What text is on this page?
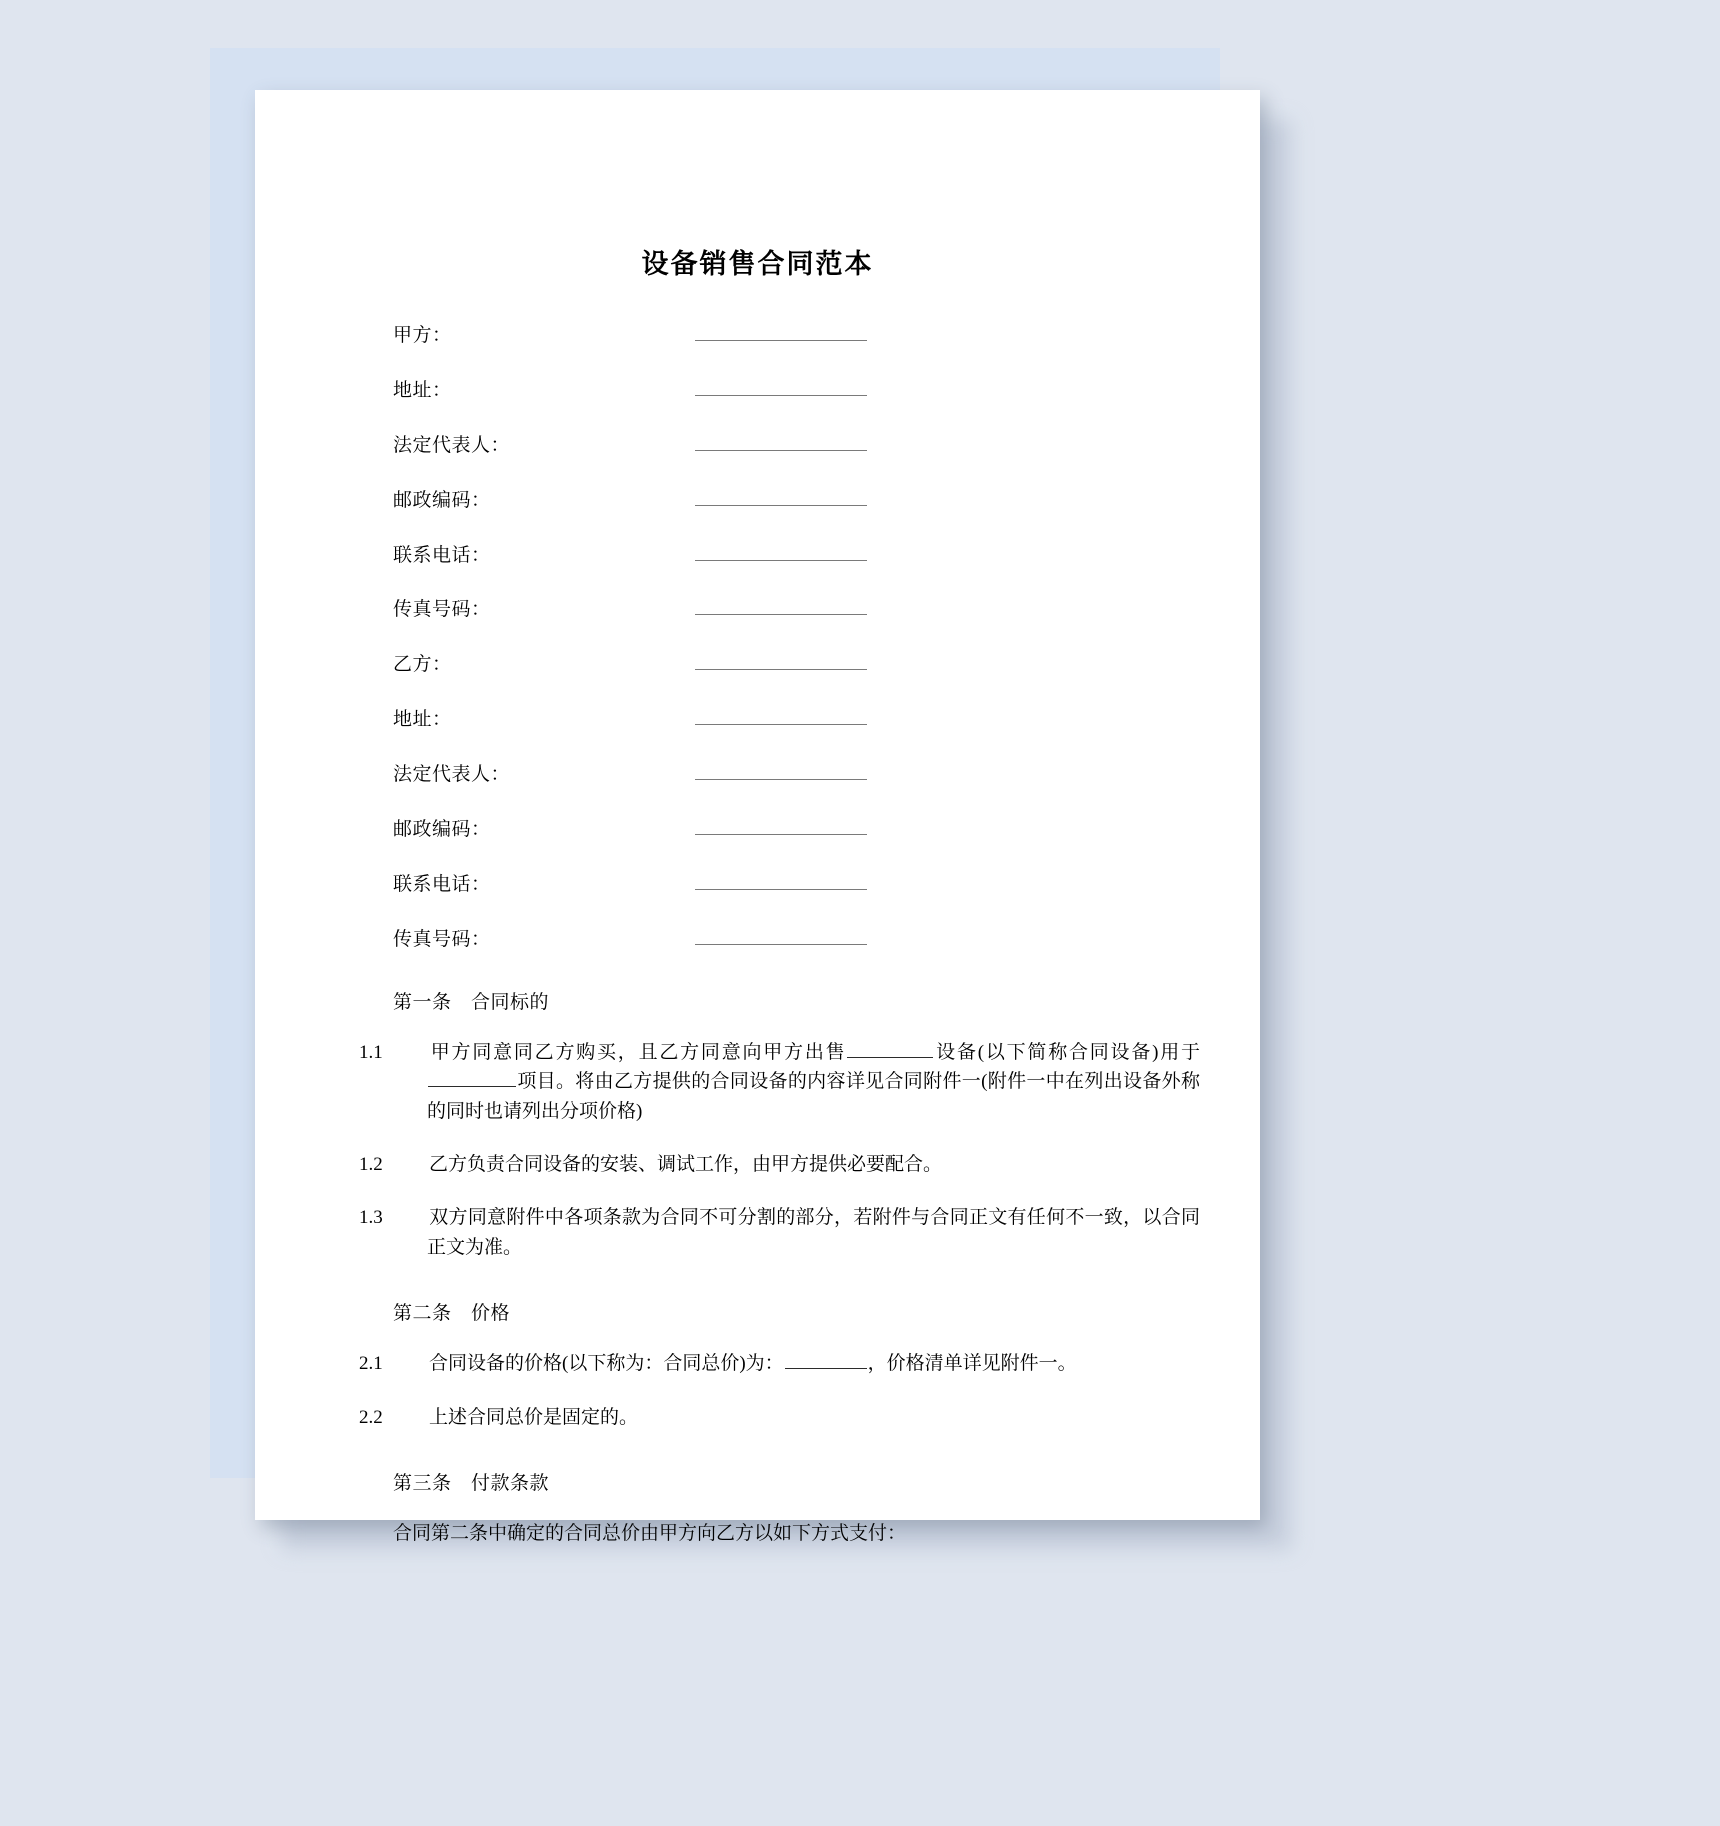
设备销售合同范本
甲方：
地址：
法定代表人：
邮政编码：
联系电话：
传真号码：
乙方：
地址：
法定代表人：
邮政编码：
联系电话：
传真号码：
第一条　合同标的
1.1 甲方同意同乙方购买，且乙方同意向甲方出售	设备(以下简称合同设备)用于项目。将由乙方提供的合同设备的内容详见合同附件一(附件一中在列出设备外称的同时也请列出分项价格)
1.2 乙方负责合同设备的安装、调试工作，由甲方提供必要配合。
1.3 双方同意附件中各项条款为合同不可分割的部分，若附件与合同正文有任何不一致，以合同正文为准。
第二条　价格
2.1 合同设备的价格(以下称为：合同总价)为：	，价格清单详见附件一。
2.2 上述合同总价是固定的。
第三条　付款条款
合同第二条中确定的合同总价由甲方向乙方以如下方式支付：
